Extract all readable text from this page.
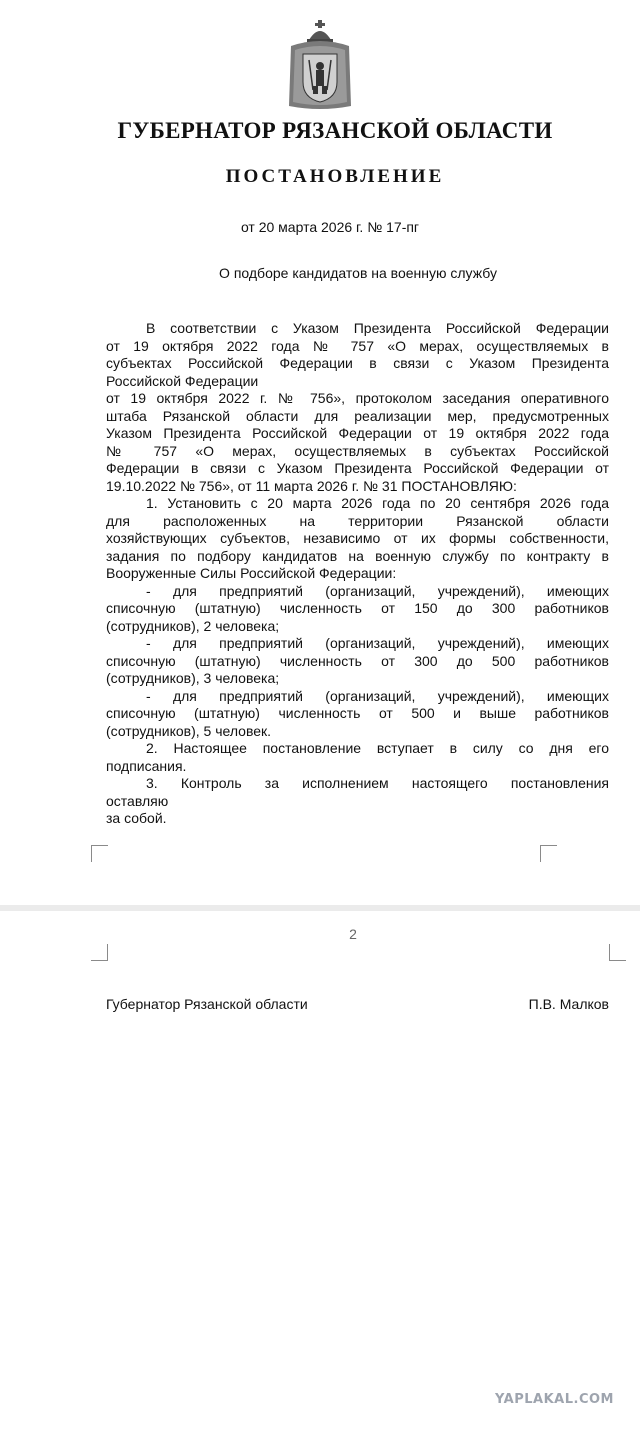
ГУБЕРНАТОР РЯЗАНСКОЙ ОБЛАСТИ
ПОСТАНОВЛЕНИЕ
от 20 марта 2026 г. № 17-пг
О подборе кандидатов на военную службу

В соответствии с Указом Президента Российской Федерации

от 19 октября 2022 года № 757 «О мерах, осуществляемых в

субъектах Российской Федерации в связи с Указом Президента

Российской Федерации

от 19 октября 2022 г. № 756», протоколом заседания оперативного

штаба Рязанской области для реализации мер, предусмотренных

Указом Президента Российской Федерации от 19 октября 2022 года

№ 757 «О мерах, осуществляемых в субъектах Российской

Федерации в связи с Указом Президента Российской Федерации от

19.10.2022 № 756», от 11 марта 2026 г. № 31 ПОСТАНОВЛЯЮ:

1. Установить с 20 марта 2026 года по 20 сентября 2026 года

для расположенных на территории Рязанской области

хозяйствующих субъектов, независимо от их формы собственности,

задания по подбору кандидатов на военную службу по контракту в

Вооруженные Силы Российской Федерации:

- для предприятий (организаций, учреждений), имеющих

списочную (штатную) численность от 150 до 300 работников

(сотрудников), 2 человека;

- для предприятий (организаций, учреждений), имеющих

списочную (штатную) численность от 300 до 500 работников

(сотрудников), 3 человека;

- для предприятий (организаций, учреждений), имеющих

списочную (штатную) численность от 500 и выше работников

(сотрудников), 5 человек.

2. Настоящее постановление вступает в силу со дня его

подписания.

3. Контроль за исполнением настоящего постановления

оставляю

за собой.

2
Губернатор Рязанской области	П.В. Малков
YAPLAKAL.COM
